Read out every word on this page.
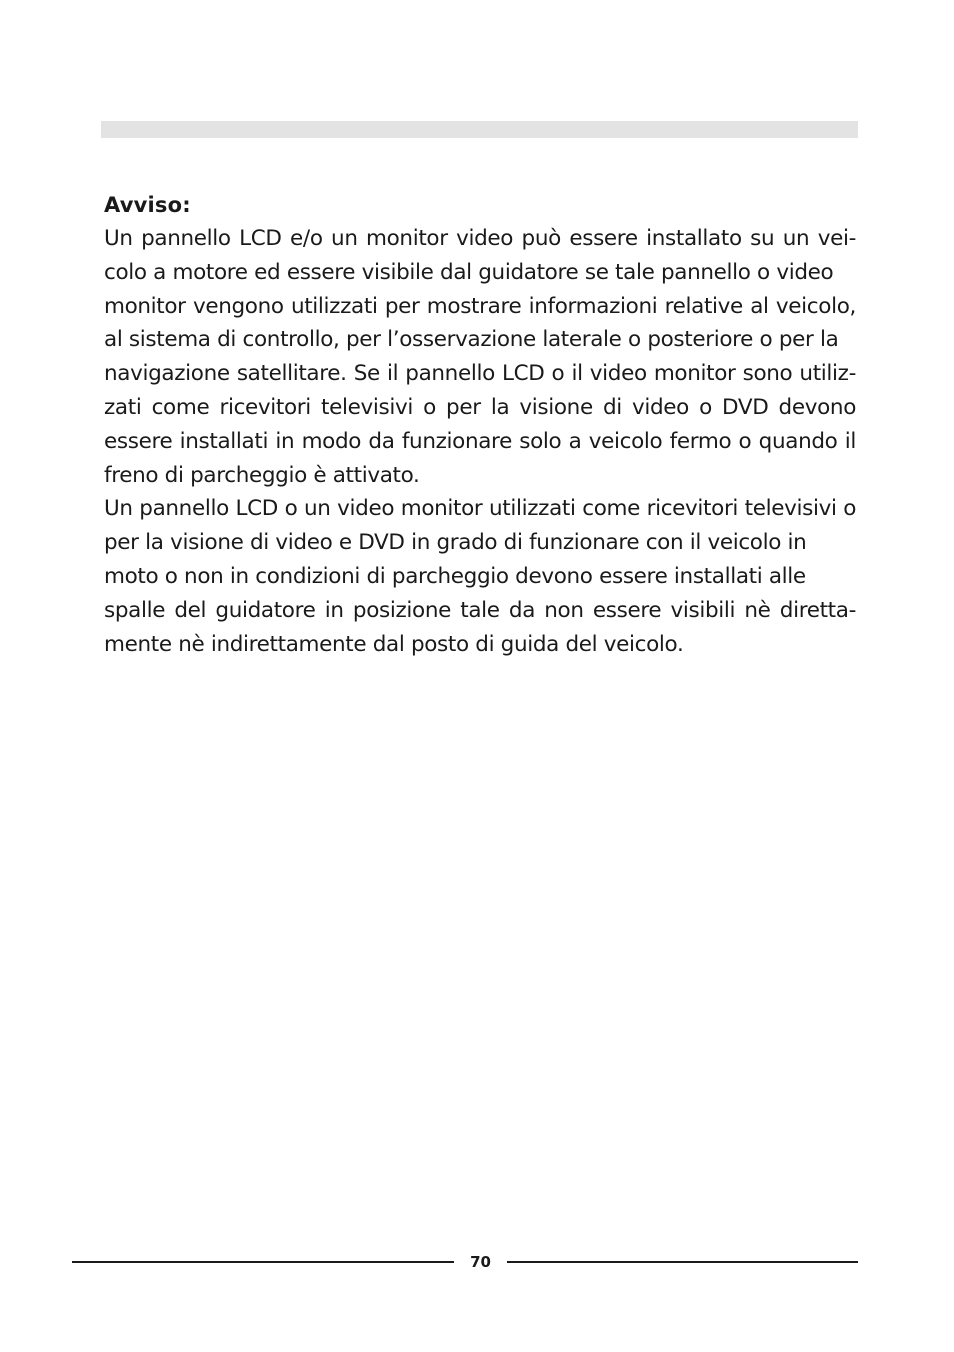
Avviso:
Un pannello LCD e/o un monitor video può essere installato su un vei-
colo a motore ed essere visibile dal guidatore se tale pannello o video
monitor vengono utilizzati per mostrare informazioni relative al veicolo,
al sistema di controllo, per l’osservazione laterale o posteriore o per la
navigazione satellitare. Se il pannello LCD o il video monitor sono utiliz-
zati come ricevitori televisivi o per la visione di video o DVD devono
essere installati in modo da funzionare solo a veicolo fermo o quando il
freno di parcheggio è attivato.
Un pannello LCD o un video monitor utilizzati come ricevitori televisivi o
per la visione di video e DVD in grado di funzionare con il veicolo in
moto o non in condizioni di parcheggio devono essere installati alle
spalle del guidatore in posizione tale da non essere visibili nè diretta-
mente nè indirettamente dal posto di guida del veicolo.
70
